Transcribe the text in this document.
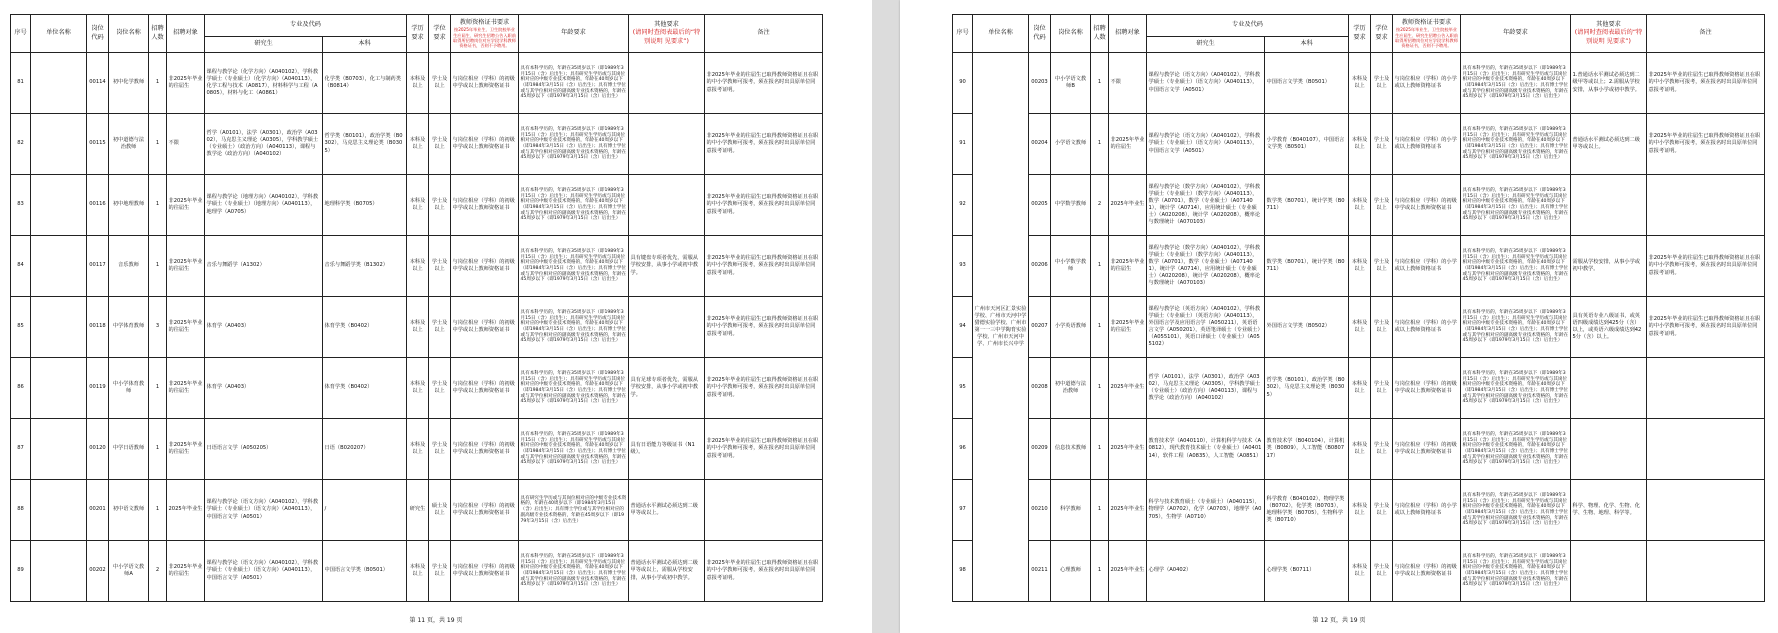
序号	单位名称	岗位代码	岗位名称	招聘人数	招聘对象	专业及代码		学历要求	学位要求	教师资格证书要求
按2025年毕业生、卫生院校毕业生应届生、研究生招聘公告入职前取得所招聘岗位对应学段学科教师资格证书，否则不予聘用。	年龄要求	其他要求
(请同时查阅表最后的“特别说明 见要求”)	备注
						研究生	本科						
81		00114	初中化学教师	1	非2025年毕业的往届生	课程与教学论（化学方向）（A040102），学科教学硕士（专业硕士）（化学方向）（A040113），化学工程与技术（A0817），材料科学与工程（A0805），材料与化工（A0861）	化学类（B0703），化工与制药类（B0814）	本科及以上	学士及以上	与岗位相应（学科）的初级中学或以上教师资格证书	具有本科学历的，年龄在35周岁以下（即1989年3月15日（含）后出生）；具有研究生学历或与其岗位相对应的中级专业技术资格的，年龄在40周岁以下（即1984年3月15日（含）后出生）；具有博士学位或与其学位相对应的副高级专业技术资格的，年龄在45周岁以下（即1979年3月15日（含）后出生）		非2025年毕业的往届生已取得教师资格证且在职的中小学教师可报考，须在报名时出具原单位同意报考证明。
82		00115	初中道德与法治教师	1	不限	哲学（A0101），法学（A0301），政治学（A0302），马克思主义理论（A0305），学科教学硕士（专业硕士）（政治方向）（A040113），课程与教学论（政治方向）（A040102）	哲学类（B0101），政治学类（B0302），马克思主义理论类（B0305）	本科及以上	学士及以上	与岗位相应（学科）的初级中学或以上教师资格证书	具有本科学历的，年龄在35周岁以下（即1989年3月15日（含）后出生）；具有研究生学历或与其岗位相对应的中级专业技术资格的，年龄在40周岁以下（即1984年3月15日（含）后出生）；具有博士学位或与其学位相对应的副高级专业技术资格的，年龄在45周岁以下（即1979年3月15日（含）后出生）		非2025年毕业的往届生已取得教师资格证且在职的中小学教师可报考，须在报名时出具原单位同意报考证明。
83		00116	初中地理教师	1	非2025年毕业的往届生	课程与教学论（地理方向）（A040102），学科教学硕士（专业硕士）（地理方向）（A040113），地理学（A0705）	地理科学类（B0705）	本科及以上	学士及以上	与岗位相应（学科）的初级中学或以上教师资格证书	具有本科学历的，年龄在35周岁以下（即1989年3月15日（含）后出生）；具有研究生学历或与其岗位相对应的中级专业技术资格的，年龄在40周岁以下（即1984年3月15日（含）后出生）；具有博士学位或与其学位相对应的副高级专业技术资格的，年龄在45周岁以下（即1979年3月15日（含）后出生）		非2025年毕业的往届生已取得教师资格证且在职的中小学教师可报考，须在报名时出具原单位同意报考证明。
84		00117	音乐教师	1	非2025年毕业的往届生	音乐与舞蹈学（A1302）	音乐与舞蹈学类（B1302）	本科及以上	学士及以上	与岗位相应（学科）的初级中学或以上教师资格证书	具有本科学历的，年龄在35周岁以下（即1989年3月15日（含）后出生）；具有研究生学历或与其岗位相对应的中级专业技术资格的，年龄在40周岁以下（即1984年3月15日（含）后出生）；具有博士学位或与其学位相对应的副高级专业技术资格的，年龄在45周岁以下（即1979年3月15日（含）后出生）	具有键盘专项者优先，需服从学校安排，从事小学或初中教学。	非2025年毕业的往届生已取得教师资格证且在职的中小学教师可报考，须在报名时出具原单位同意报考证明。
85		00118	中学体育教师	3	非2025年毕业的往届生	体育学（A0403）	体育学类（B0402）	本科及以上	学士及以上	与岗位相应（学科）的初级中学或以上教师资格证书	具有本科学历的，年龄在35周岁以下（即1989年3月15日（含）后出生）；具有研究生学历或与其岗位相对应的中级专业技术资格的，年龄在40周岁以下（即1984年3月15日（含）后出生）；具有博士学位或与其学位相对应的副高级专业技术资格的，年龄在45周岁以下（即1979年3月15日（含）后出生）		非2025年毕业的往届生已取得教师资格证且在职的中小学教师可报考，须在报名时出具原单位同意报考证明。
86		00119	中小学体育教师	1	非2025年毕业的往届生	体育学（A0403）	体育学类（B0402）	本科及以上	学士及以上	与岗位相应（学科）的初级中学或以上教师资格证书	具有本科学历的，年龄在35周岁以下（即1989年3月15日（含）后出生）；具有研究生学历或与其岗位相对应的中级专业技术资格的，年龄在40周岁以下（即1984年3月15日（含）后出生）；具有博士学位或与其学位相对应的副高级专业技术资格的，年龄在45周岁以下（即1979年3月15日（含）后出生）	具有足球专项者优先，需服从学校安排，从事小学或初中教学。	非2025年毕业的往届生已取得教师资格证且在职的中小学教师可报考，须在报名时出具原单位同意报考证明。
87		00120	中学日语教师	1	非2025年毕业的往届生	日语语言文学（A050205）	日语（B020207）	本科及以上	学士及以上	与岗位相应（学科）的初级中学或以上教师资格证书	具有本科学历的，年龄在35周岁以下（即1989年3月15日（含）后出生）；具有研究生学历或与其岗位相对应的中级专业技术资格的，年龄在40周岁以下（即1984年3月15日（含）后出生）；具有博士学位或与其学位相对应的副高级专业技术资格的，年龄在45周岁以下（即1979年3月15日（含）后出生）	具有日语能力等级证书（N1级）。	非2025年毕业的往届生已取得教师资格证且在职的中小学教师可报考，须在报名时出具原单位同意报考证明。
88		00201	初中语文教师	1	2025年毕业生	课程与教学论（语文方向）（A040102），学科教学硕士（专业硕士）（语文方向）（A040113），中国语言文学（A0501）	/	研究生	硕士及以上	与岗位相应（学科）的初级中学或以上教师资格证书	具有研究生学历或与其岗位相对应的中级专业技术资格的，年龄在40周岁以下（即1984年3月15日（含）后出生）；具有博士学位或与其学位相对应的副高级专业技术资格的，年龄在45周岁以下（即1979年3月15日（含）后出生）	普通话水平测试必须达到二级甲等或以上。	
89		00202	中小学语文教师A	2	非2025年毕业的往届生	课程与教学论（语文方向）（A040102），学科教学硕士（专业硕士）（语文方向）（A040113），中国语言文学（A0501）	中国语言文学类（B0501）	本科及以上	学士及以上	与岗位相应（学科）的初级中学或以上教师资格证书	具有本科学历的，年龄在35周岁以下（即1989年3月15日（含）后出生）；具有研究生学历或与其岗位相对应的中级专业技术资格的，年龄在40周岁以下（即1984年3月15日（含）后出生）；具有博士学位或与其学位相对应的副高级专业技术资格的，年龄在45周岁以下（即1979年3月15日（含）后出生）	普通话水平测试必须达到二级甲等或以上，需服从学校安排，从事小学或初中教学。	非2025年毕业的往届生已取得教师资格证且在职的中小学教师可报考，须在报名时出具原单位同意报考证明。
第 11 页，共 19 页
序号	单位名称	岗位代码	岗位名称	招聘人数	招聘对象	专业及代码		学历要求	学位要求	教师资格证书要求
按2025年毕业生、卫生院校毕业生应届生、研究生招聘公告入职前取得所招聘岗位对应学段学科教师资格证书，否则不予聘用。	年龄要求	其他要求
(请同时查阅表最后的“特别说明 见要求”)	备注
						研究生	本科						
90	广州市天河区汇景实验学校、广州市天河中学猎德实验学校、广州市第一一三中学陶育实验学校、广州市天河中学、广州市长兴中学	00203	中小学语文教师B	1	不限	课程与教学论（语文方向）（A040102），学科教学硕士（专业硕士）（语文方向）（A040113），中国语言文学（A0501）	中国语言文学类（B0501）	本科及以上	学士及以上	与岗位相应（学科）的小学或以上教师资格证书	具有本科学历的，年龄在35周岁以下（即1989年3月15日（含）后出生）；具有研究生学历或与其岗位相对应的中级专业技术资格的，年龄在40周岁以下（即1984年3月15日（含）后出生）；具有博士学位或与其学位相对应的副高级专业技术资格的，年龄在45周岁以下（即1979年3月15日（含）后出生）	1.普通话水平测试必须达到二级甲等或以上；2.需服从学校安排，从事小学或初中教学。	非2025年毕业的往届生已取得教师资格证且在职的中小学教师可报考，须在报名时出具原单位同意报考证明。
91		00204	小学语文教师	1	非2025年毕业的往届生	课程与教学论（语文方向）（A040102），学科教学硕士（专业硕士）（语文方向）（A040113），中国语言文学（A0501）	小学教育（B040107），中国语言文学类（B0501）	本科及以上	学士及以上	与岗位相应（学科）的小学或以上教师资格证书	具有本科学历的，年龄在35周岁以下（即1989年3月15日（含）后出生）；具有研究生学历或与其岗位相对应的中级专业技术资格的，年龄在40周岁以下（即1984年3月15日（含）后出生）；具有博士学位或与其学位相对应的副高级专业技术资格的，年龄在45周岁以下（即1979年3月15日（含）后出生）	普通话水平测试必须达到二级甲等或以上。	非2025年毕业的往届生已取得教师资格证且在职的中小学教师可报考，须在报名时出具原单位同意报考证明。
92		00205	中学数学教师	2	2025年毕业生	课程与教学论（数学方向）（A040102），学科教学硕士（专业硕士）（数学方向）（A040113），数学（A0701），数学（专业硕士）（A071401），统计学（A0714），应用统计硕士（专业硕士）（A020208），统计学（A020208），概率论与数理统计（A070103）	数学类（B0701），统计学类（B0711）	本科及以上	学士及以上	与岗位相应（学科）的初级中学或以上教师资格证书	具有本科学历的，年龄在35周岁以下（即1989年3月15日（含）后出生）；具有研究生学历或与其岗位相对应的中级专业技术资格的，年龄在40周岁以下（即1984年3月15日（含）后出生）；具有博士学位或与其学位相对应的副高级专业技术资格的，年龄在45周岁以下（即1979年3月15日（含）后出生）		
93		00206	中小学数学教师	1	非2025年毕业的往届生	课程与教学论（数学方向）（A040102），学科教学硕士（专业硕士）（数学方向）（A040113），数学（A0701），数学（专业硕士）（A071401），统计学（A0714），应用统计硕士（专业硕士）（A020208），统计学（A020208），概率论与数理统计（A070103）	数学类（B0701），统计学类（B0711）	本科及以上	学士及以上	与岗位相应（学科）的小学或以上教师资格证书	具有本科学历的，年龄在35周岁以下（即1989年3月15日（含）后出生）；具有研究生学历或与其岗位相对应的中级专业技术资格的，年龄在40周岁以下（即1984年3月15日（含）后出生）；具有博士学位或与其学位相对应的副高级专业技术资格的，年龄在45周岁以下（即1979年3月15日（含）后出生）	需服从学校安排，从事小学或初中教学。	非2025年毕业的往届生已取得教师资格证且在职的中小学教师可报考，须在报名时出具原单位同意报考证明。
94		00207	小学英语教师	1	非2025年毕业的往届生	课程与教学论（英语方向）（A040102），学科教学硕士（专业硕士）（英语方向）（A040113），外国语言学及应用语言学（A050211），英语语言文学（A050201），英语笔译硕士（专业硕士）（A055101），英语口译硕士（专业硕士）（A055102）	外国语言文学类（B0502）	本科及以上	学士及以上	与岗位相应（学科）的小学或以上教师资格证书	具有本科学历的，年龄在35周岁以下（即1989年3月15日（含）后出生）；具有研究生学历或与其岗位相对应的中级专业技术资格的，年龄在40周岁以下（即1984年3月15日（含）后出生）；具有博士学位或与其学位相对应的副高级专业技术资格的，年龄在45周岁以下（即1979年3月15日（含）后出生）	具有英语专业八级证书，或英语四级成绩达到425分（含）以上，或英语六级成绩达到425分（含）以上。	非2025年毕业的往届生已取得教师资格证且在职的中小学教师可报考，须在报名时出具原单位同意报考证明。
95		00208	初中道德与法治教师	1	2025年毕业生	哲学（A0101），法学（A0301），政治学（A0302），马克思主义理论（A0305），学科教学硕士（专业硕士）（政治方向）（A040113），课程与教学论（政治方向）（A040102）	哲学类（B0101），政治学类（B0302），马克思主义理论类（B0305）	本科及以上	学士及以上	与岗位相应（学科）的初级中学或以上教师资格证书	具有本科学历的，年龄在35周岁以下（即1989年3月15日（含）后出生）；具有研究生学历或与其岗位相对应的中级专业技术资格的，年龄在40周岁以下（即1984年3月15日（含）后出生）；具有博士学位或与其学位相对应的副高级专业技术资格的，年龄在45周岁以下（即1979年3月15日（含）后出生）		
96		00209	信息技术教师	1	2025年毕业生	教育技术学（A040110），计算机科学与技术（A0812），现代教育技术硕士（专业硕士）（A040114），软件工程（A0835），人工智能（A0851）	教育技术学（B040104），计算机类（B0809），人工智能（B080717）	本科及以上	学士及以上	与岗位相应（学科）的初级中学或以上教师资格证书	具有本科学历的，年龄在35周岁以下（即1989年3月15日（含）后出生）；具有研究生学历或与其岗位相对应的中级专业技术资格的，年龄在40周岁以下（即1984年3月15日（含）后出生）；具有博士学位或与其学位相对应的副高级专业技术资格的，年龄在45周岁以下（即1979年3月15日（含）后出生）		
97		00210	科学教师	1	2025年毕业生	科学与技术教育硕士（专业硕士）（A040115），物理学（A0702），化学（A0703），地理学（A0705），生物学（A0710）	科学教育（B040102），物理学类（B0702），化学类（B0703），地理科学类（B0705），生物科学类（B0710）	本科及以上	学士及以上	与岗位相应（学科）的小学或以上教师资格证书	具有本科学历的，年龄在35周岁以下（即1989年3月15日（含）后出生）；具有研究生学历或与其岗位相对应的中级专业技术资格的，年龄在40周岁以下（即1984年3月15日（含）后出生）；具有博士学位或与其学位相对应的副高级专业技术资格的，年龄在45周岁以下（即1979年3月15日（含）后出生）	科学、物理、化学、生物、化学、生物、地理、科学等。	
98		00211	心理教师	1	2025年毕业生	心理学（A0402）	心理学类（B0711）	本科及以上	学士及以上	与岗位相应（学科）的初级中学或以上教师资格证书	具有本科学历的，年龄在35周岁以下（即1989年3月15日（含）后出生）；具有研究生学历或与其岗位相对应的中级专业技术资格的，年龄在40周岁以下（即1984年3月15日（含）后出生）；具有博士学位或与其学位相对应的副高级专业技术资格的，年龄在45周岁以下（即1979年3月15日（含）后出生）		
第 12 页，共 19 页
